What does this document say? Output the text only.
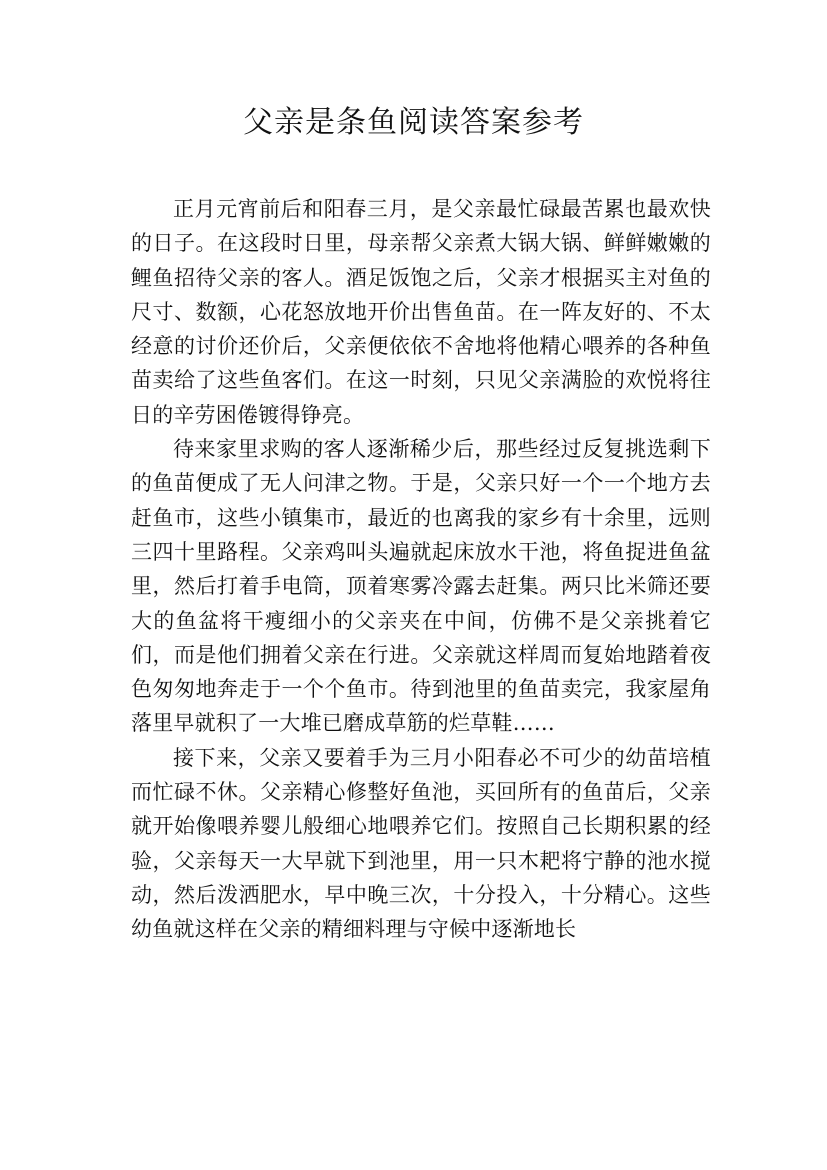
父亲是条鱼阅读答案参考

正月元宵前后和阳春三月，是父亲最忙碌最苦累也最欢快的日子。在这段时日里，母亲帮父亲煮大锅大锅、鲜鲜嫩嫩的鲤鱼招待父亲的客人。酒足饭饱之后，父亲才根据买主对鱼的尺寸、数额，心花怒放地开价出售鱼苗。在一阵友好的、不太经意的讨价还价后，父亲便依依不舍地将他精心喂养的各种鱼苗卖给了这些鱼客们。在这一时刻，只见父亲满脸的欢悦将往日的辛劳困倦镀得铮亮。

待来家里求购的客人逐渐稀少后，那些经过反复挑选剩下的鱼苗便成了无人问津之物。于是，父亲只好一个一个地方去赶鱼市，这些小镇集市，最近的也离我的家乡有十余里，远则三四十里路程。父亲鸡叫头遍就起床放水干池，将鱼捉进鱼盆里，然后打着手电筒，顶着寒雾冷露去赶集。两只比米筛还要大的鱼盆将干瘦细小的父亲夹在中间，仿佛不是父亲挑着它们，而是他们拥着父亲在行进。父亲就这样周而复始地踏着夜色匆匆地奔走于一个个鱼市。待到池里的鱼苗卖完，我家屋角落里早就积了一大堆已磨成草筋的烂草鞋……

接下来，父亲又要着手为三月小阳春必不可少的幼苗培植而忙碌不休。父亲精心修整好鱼池，买回所有的鱼苗后，父亲就开始像喂养婴儿般细心地喂养它们。按照自己长期积累的经验，父亲每天一大早就下到池里，用一只木耙将宁静的池水搅动，然后泼洒肥水，早中晚三次，十分投入，十分精心。这些幼鱼就这样在父亲的精细料理与守候中逐渐地长
